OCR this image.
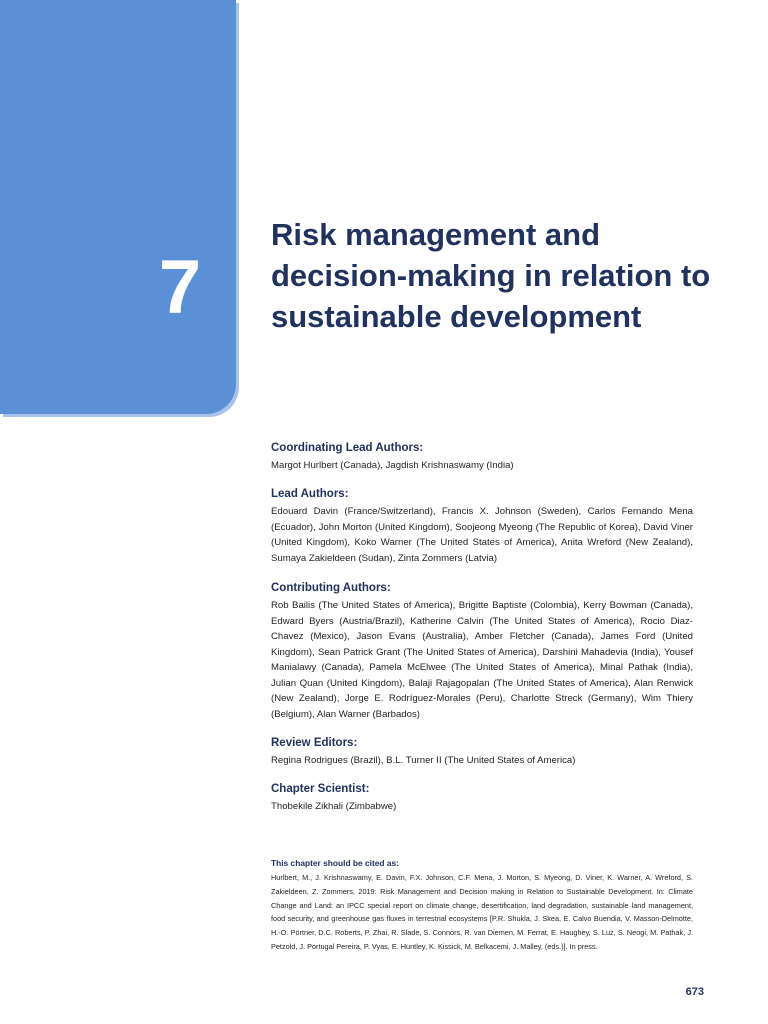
7
Risk management and decision-making in relation to sustainable development
Coordinating Lead Authors:

Margot Hurlbert (Canada), Jagdish Krishnaswamy (India)

Lead Authors:

Edouard Davin (France/Switzerland), Francis X. Johnson (Sweden), Carlos Fernando Mena (Ecuador), John Morton (United Kingdom), Soojeong Myeong (The Republic of Korea), David Viner (United Kingdom), Koko Warner (The United States of America), Anita Wreford (New Zealand), Sumaya Zakieldeen (Sudan), Zinta Zommers (Latvia)

Contributing Authors:

Rob Bailis (The United States of America), Brigitte Baptiste (Colombia), Kerry Bowman (Canada), Edward Byers (Austria/Brazil), Katherine Calvin (The United States of America), Rocio Diaz-Chavez (Mexico), Jason Evans (Australia), Amber Fletcher (Canada), James Ford (United Kingdom), Sean Patrick Grant (The United States of America), Darshini Mahadevia (India), Yousef Manialawy (Canada), Pamela McElwee (The United States of America), Minal Pathak (India), Julian Quan (United Kingdom), Balaji Rajagopalan (The United States of America), Alan Renwick (New Zealand), Jorge E. Rodríguez-Morales (Peru), Charlotte Streck (Germany), Wim Thiery (Belgium), Alan Warner (Barbados)

Review Editors:

Regina Rodrigues (Brazil), B.L. Turner II (The United States of America)

Chapter Scientist:

Thobekile Zikhali (Zimbabwe)

This chapter should be cited as:

Hurlbert, M., J. Krishnaswamy, E. Davin, F.X. Johnson, C.F. Mena, J. Morton, S. Myeong, D. Viner, K. Warner, A. Wreford, S. Zakieldeen, Z. Zommers, 2019: Risk Management and Decision making in Relation to Sustainable Development. In: Climate Change and Land: an IPCC special report on climate change, desertification, land degradation, sustainable land management, food security, and greenhouse gas fluxes in terrestrial ecosystems [P.R. Shukla, J. Skea, E. Calvo Buendia, V. Masson-Delmotte, H.-O. Pörtner, D.C. Roberts, P. Zhai, R. Slade, S. Connors, R. van Diemen, M. Ferrat, E. Haughey, S. Luz, S. Neogi, M. Pathak, J. Petzold, J. Portugal Pereira, P. Vyas, E. Huntley, K. Kissick, M. Belkacemi, J. Malley, (eds.)]. In press.

673
